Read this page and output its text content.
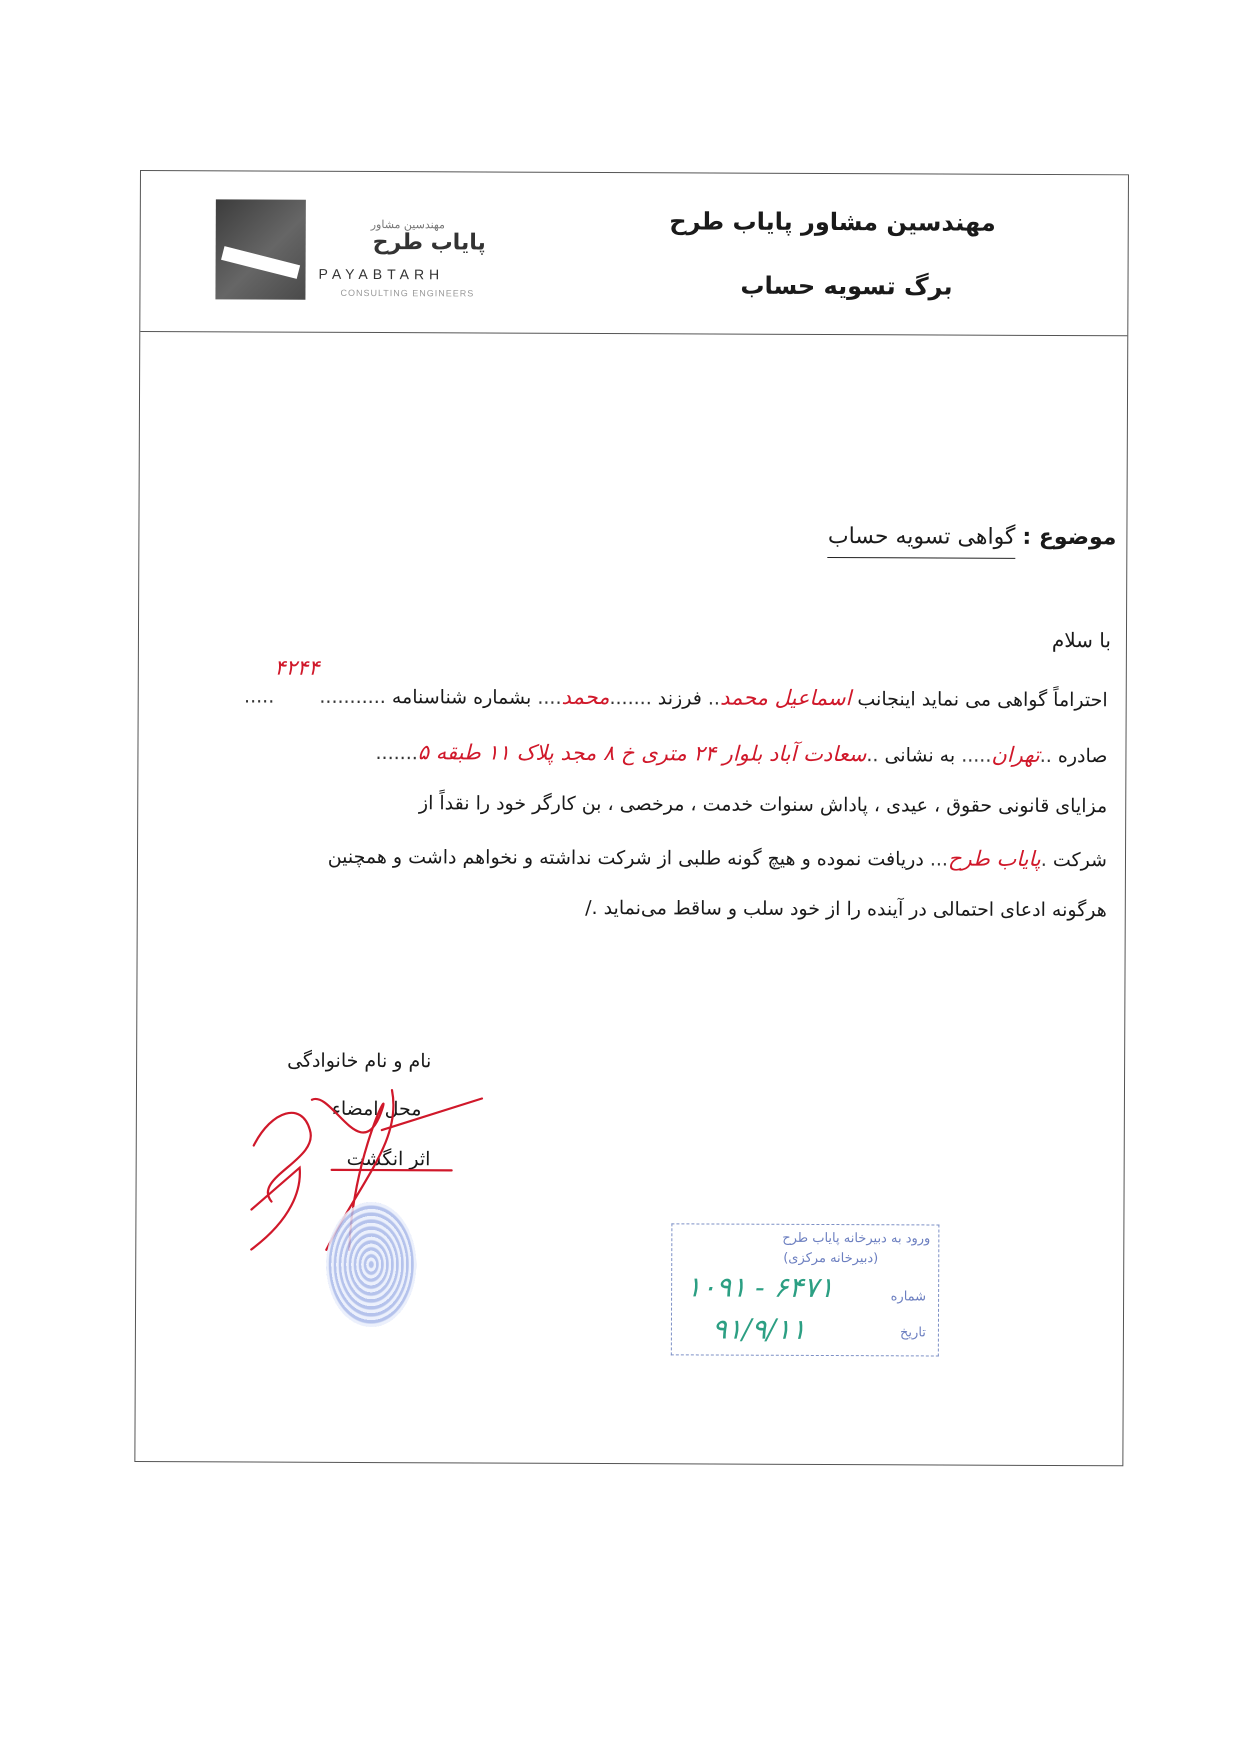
مهندسین مشاور پایاب طرح
برگ تسویه حساب
مهندسین مشاور
پایاب طرح
PAYABTARH
CONSULTING ENGINEERS
موضوع : گواهی تسویه حساب
با سلام
احتراماً گواهی می نماید اینجانب اسماعیل محمد.. فرزند .......محمد.... بشماره شناسنامه ...........۴۲۴۴.....
صادره ..تهران..... به نشانی ..سعادت آباد بلوار ۲۴ متری خ ۸ مجد پلاک ۱۱ طبقه ۵.......
مزایای قانونی حقوق ، عیدی ، پاداش سنوات خدمت ، مرخصی ، بن کارگر خود را نقداً از
شرکت .پایاب طرح... دریافت نموده و هیچ گونه طلبی از شرکت نداشته و نخواهم داشت و همچنین
هرگونه ادعای احتمالی در آینده را از خود سلب و ساقط می‌نماید ./
نام و نام خانوادگی
محل امضاء
اثر انگشت
ورود به دبیرخانه پایاب طرح
(دبیرخانه مرکزی)
شماره
۱۰۹۱ - ۶۴۷۱
تاریخ
۹۱/۹/۱۱
